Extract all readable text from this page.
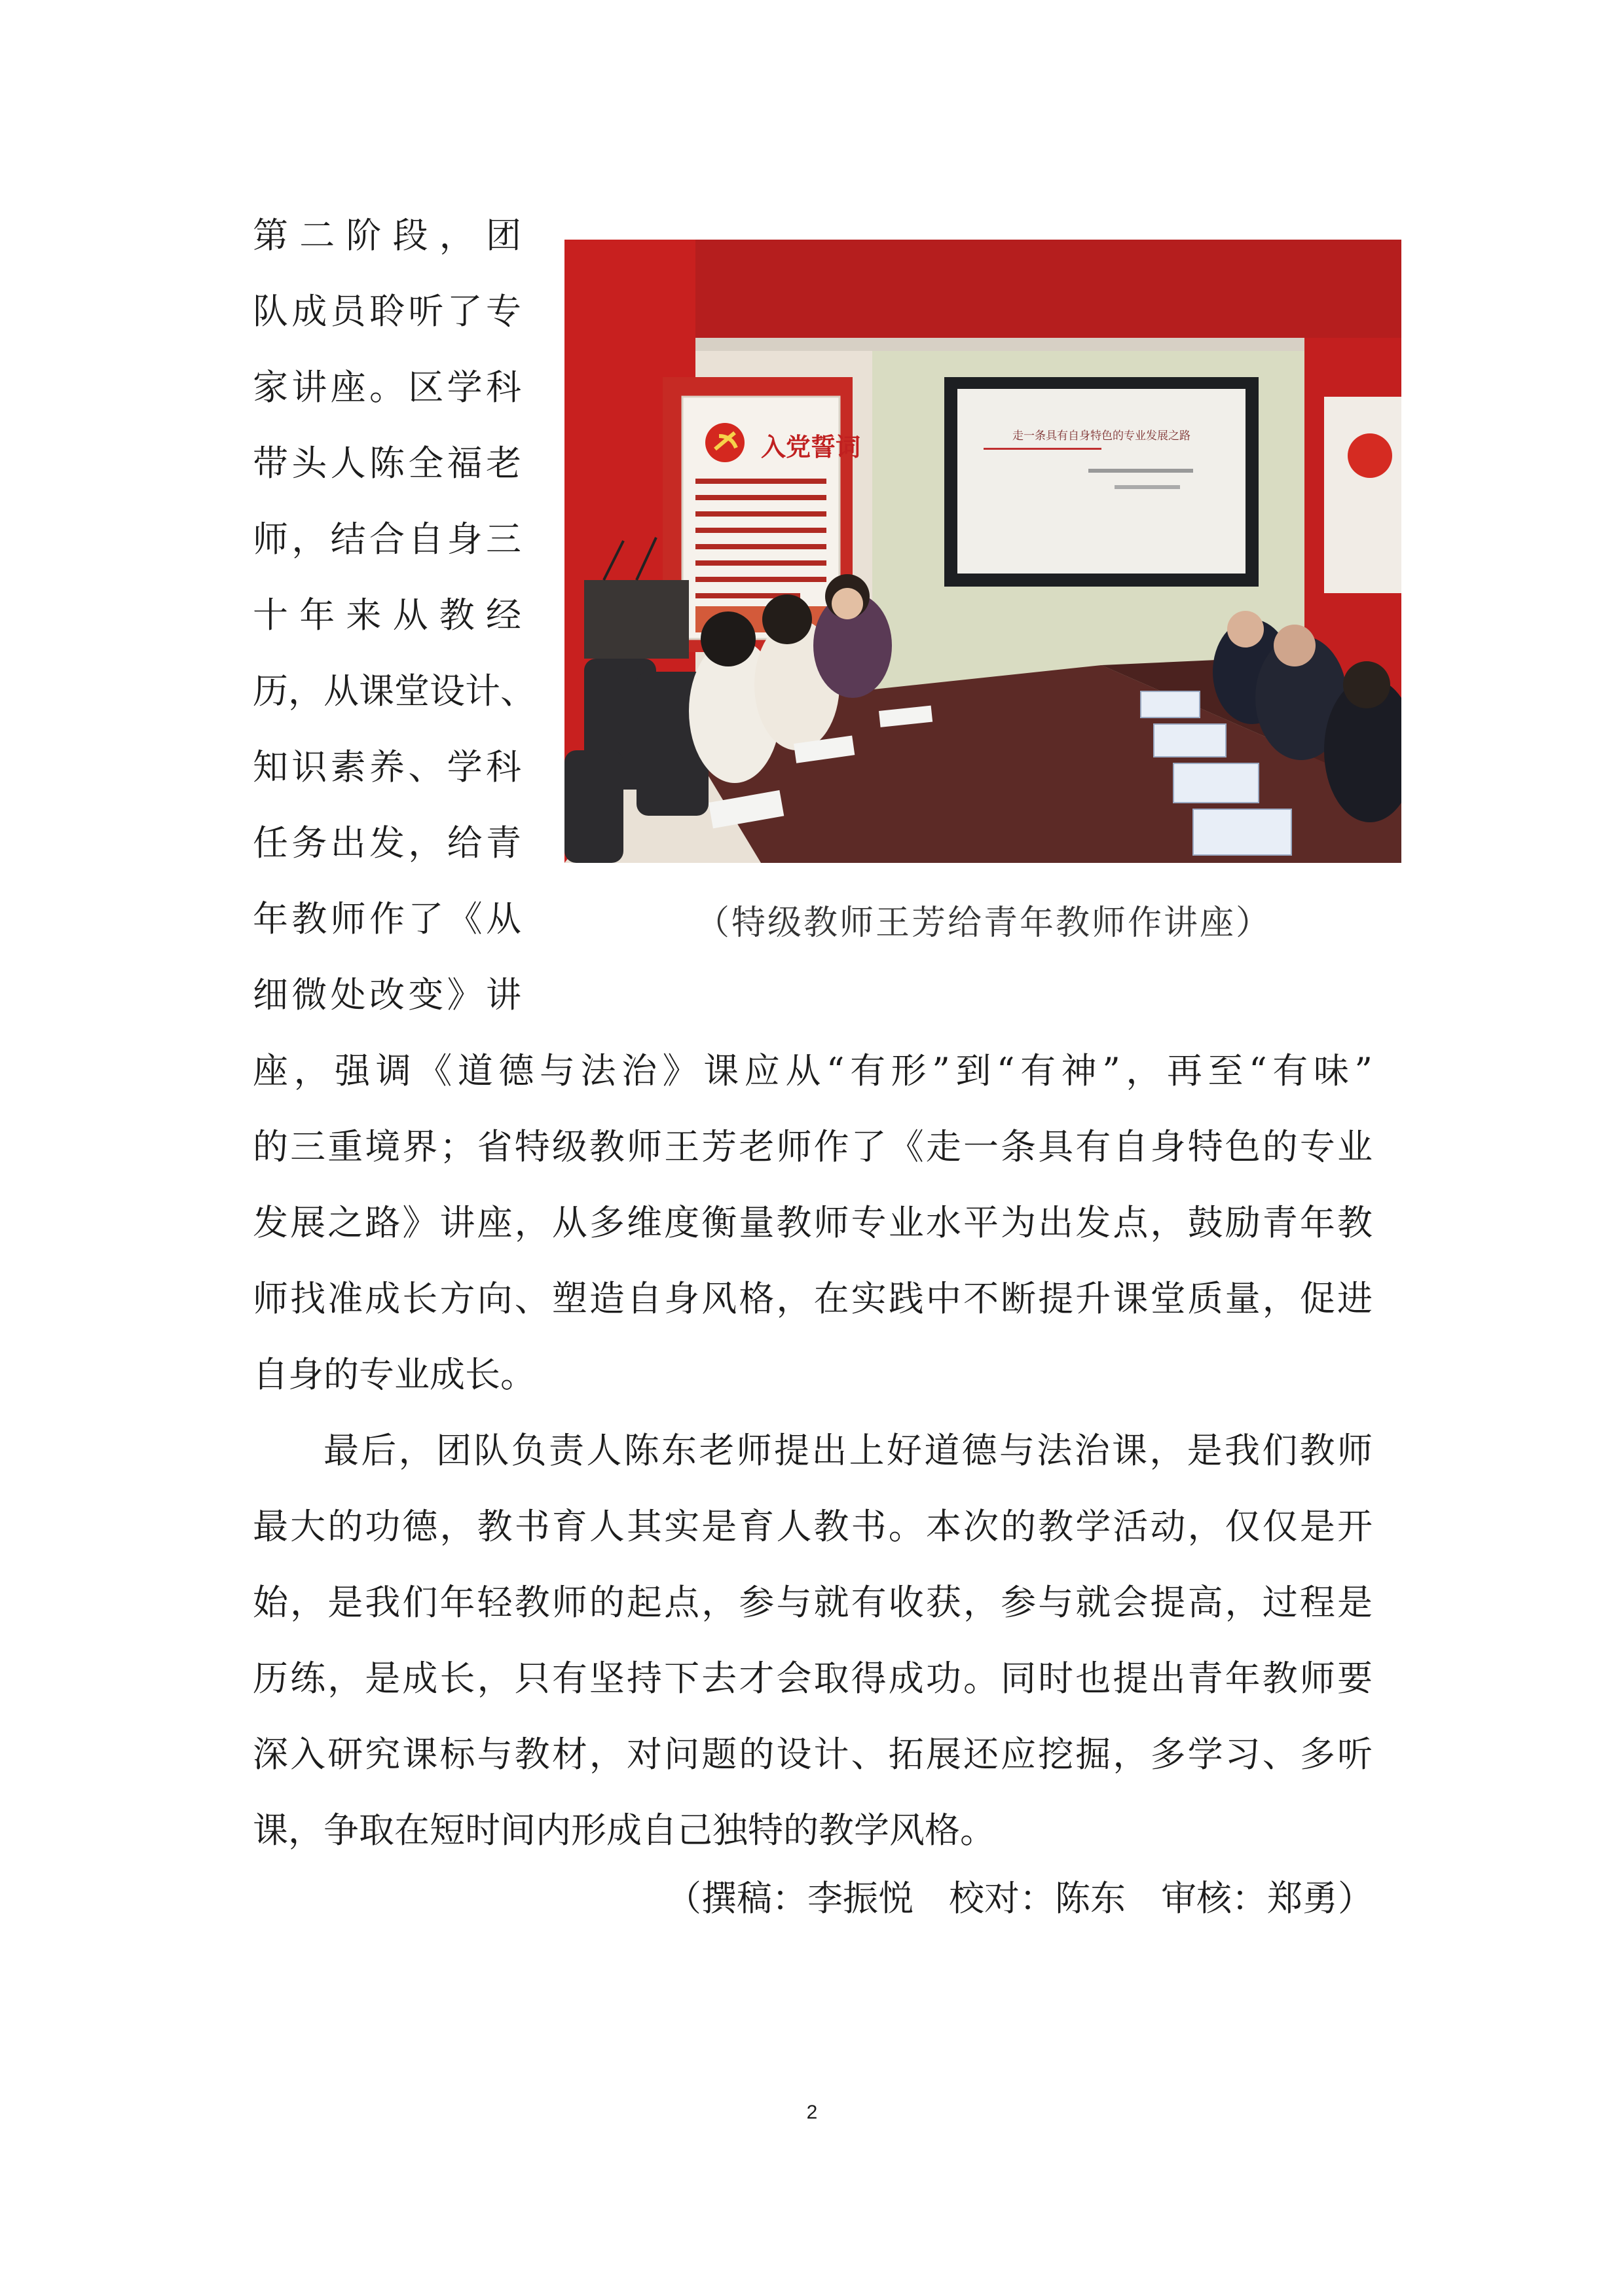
第二阶段，团
队成员聆听了专
家讲座。区学科
带头人陈全福老
师，结合自身三
十年来从教经
历，从课堂设计、
知识素养、学科
任务出发，给青
年教师作了《从
细微处改变》讲
入党誓词	走一条具有自身特色的专业发展之路
（特级教师王芳给青年教师作讲座）
座，强调《道德与法治》课应从“有形”到“有神”，再至“有味”
的三重境界；省特级教师王芳老师作了《走一条具有自身特色的专业
发展之路》讲座，从多维度衡量教师专业水平为出发点，鼓励青年教
师找准成长方向、塑造自身风格，在实践中不断提升课堂质量，促进
自身的专业成长。
最后，团队负责人陈东老师提出上好道德与法治课，是我们教师
最大的功德，教书育人其实是育人教书。本次的教学活动，仅仅是开
始，是我们年轻教师的起点，参与就有收获，参与就会提高，过程是
历练，是成长，只有坚持下去才会取得成功。同时也提出青年教师要
深入研究课标与教材，对问题的设计、拓展还应挖掘，多学习、多听
课，争取在短时间内形成自己独特的教学风格。
（撰稿：李振悦　校对：陈东　审核：郑勇）
2
